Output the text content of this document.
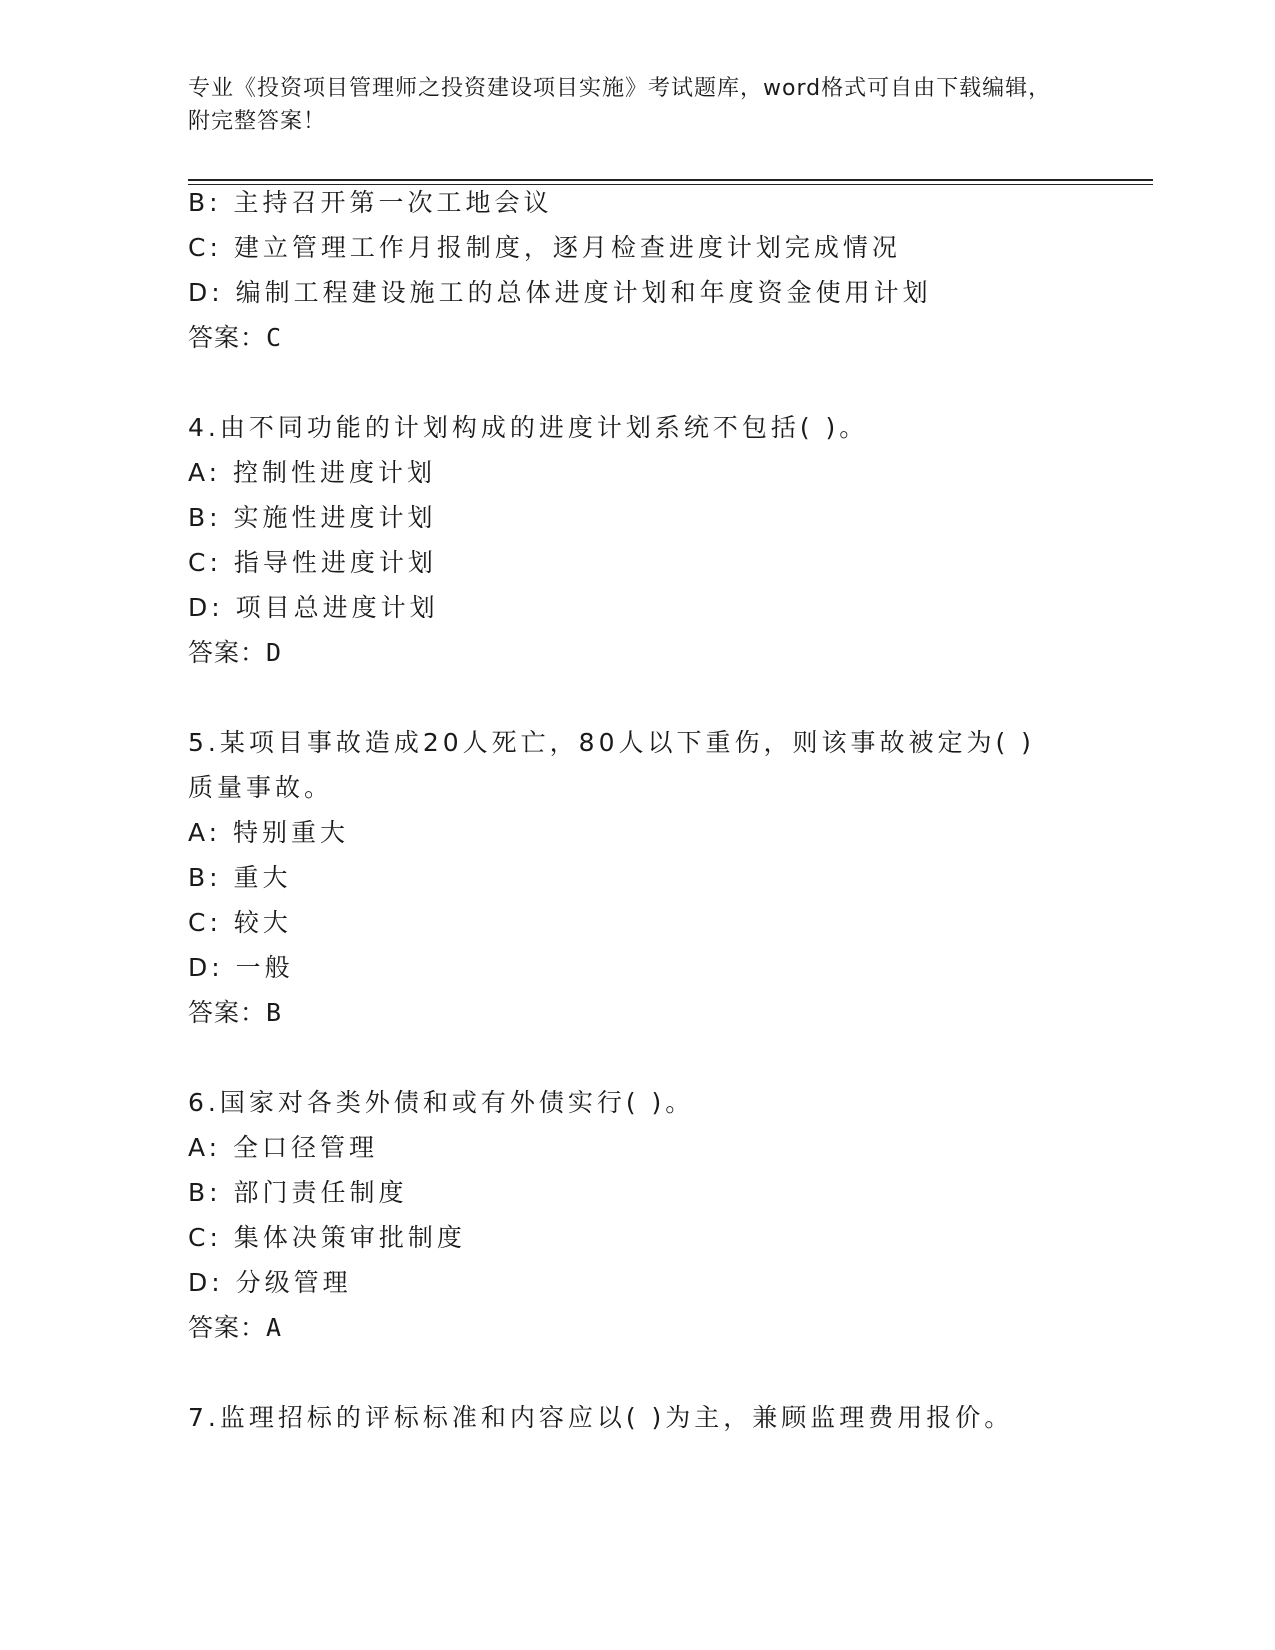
专业《投资项目管理师之投资建设项目实施》考试题库，word格式可自由下载编辑，附完整答案！
B: 主持召开第一次工地会议
C: 建立管理工作月报制度，逐月检查进度计划完成情况
D: 编制工程建设施工的总体进度计划和年度资金使用计划
答案：C
4.由不同功能的计划构成的进度计划系统不包括( )。
A: 控制性进度计划
B: 实施性进度计划
C: 指导性进度计划
D: 项目总进度计划
答案：D
5.某项目事故造成20人死亡，80人以下重伤，则该事故被定为( )
质量事故。
A: 特别重大
B: 重大
C: 较大
D: 一般
答案：B
6.国家对各类外债和或有外债实行( )。
A: 全口径管理
B: 部门责任制度
C: 集体决策审批制度
D: 分级管理
答案：A
7.监理招标的评标标准和内容应以( )为主，兼顾监理费用报价。
